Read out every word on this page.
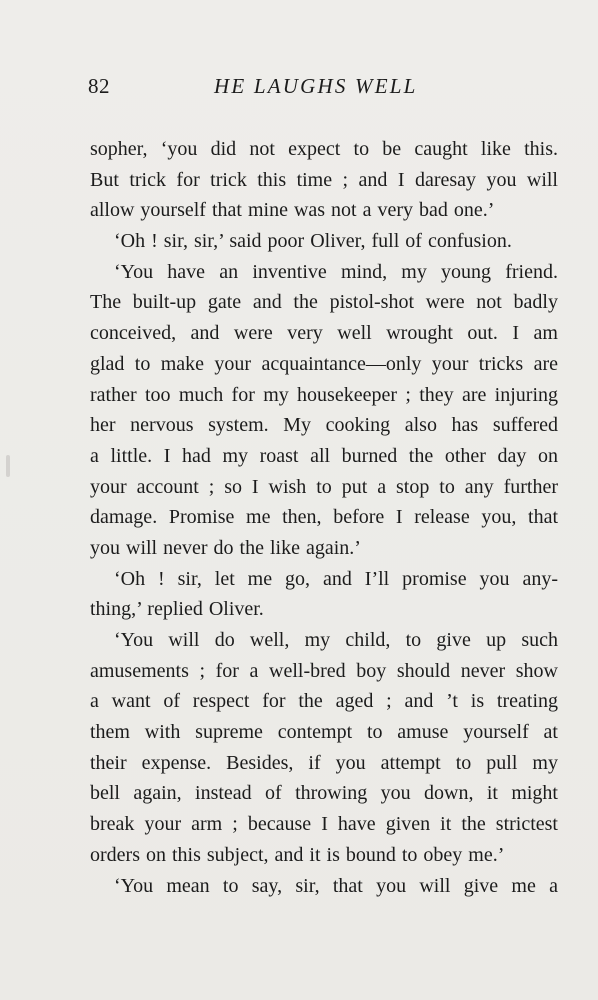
82	HE LAUGHS WELL
sopher, ‘you did not expect to be caught like this.
But trick for trick this time ; and I daresay you will
allow yourself that mine was not a very bad one.’
‘Oh ! sir, sir,’ said poor Oliver, full of confusion.
‘You have an inventive mind, my young friend.
The built-up gate and the pistol-shot were not badly
conceived, and were very well wrought out. I am
glad to make your acquaintance—only your tricks are
rather too much for my housekeeper ; they are injuring
her nervous system. My cooking also has suffered
a little. I had my roast all burned the other day on
your account ; so I wish to put a stop to any further
damage. Promise me then, before I release you, that
you will never do the like again.’
‘Oh ! sir, let me go, and I’ll promise you any-
thing,’ replied Oliver.
‘You will do well, my child, to give up such
amusements ; for a well-bred boy should never show
a want of respect for the aged ; and ’t is treating
them with supreme contempt to amuse yourself at
their expense. Besides, if you attempt to pull my
bell again, instead of throwing you down, it might
break your arm ; because I have given it the strictest
orders on this subject, and it is bound to obey me.’
‘You mean to say, sir, that you will give me a
